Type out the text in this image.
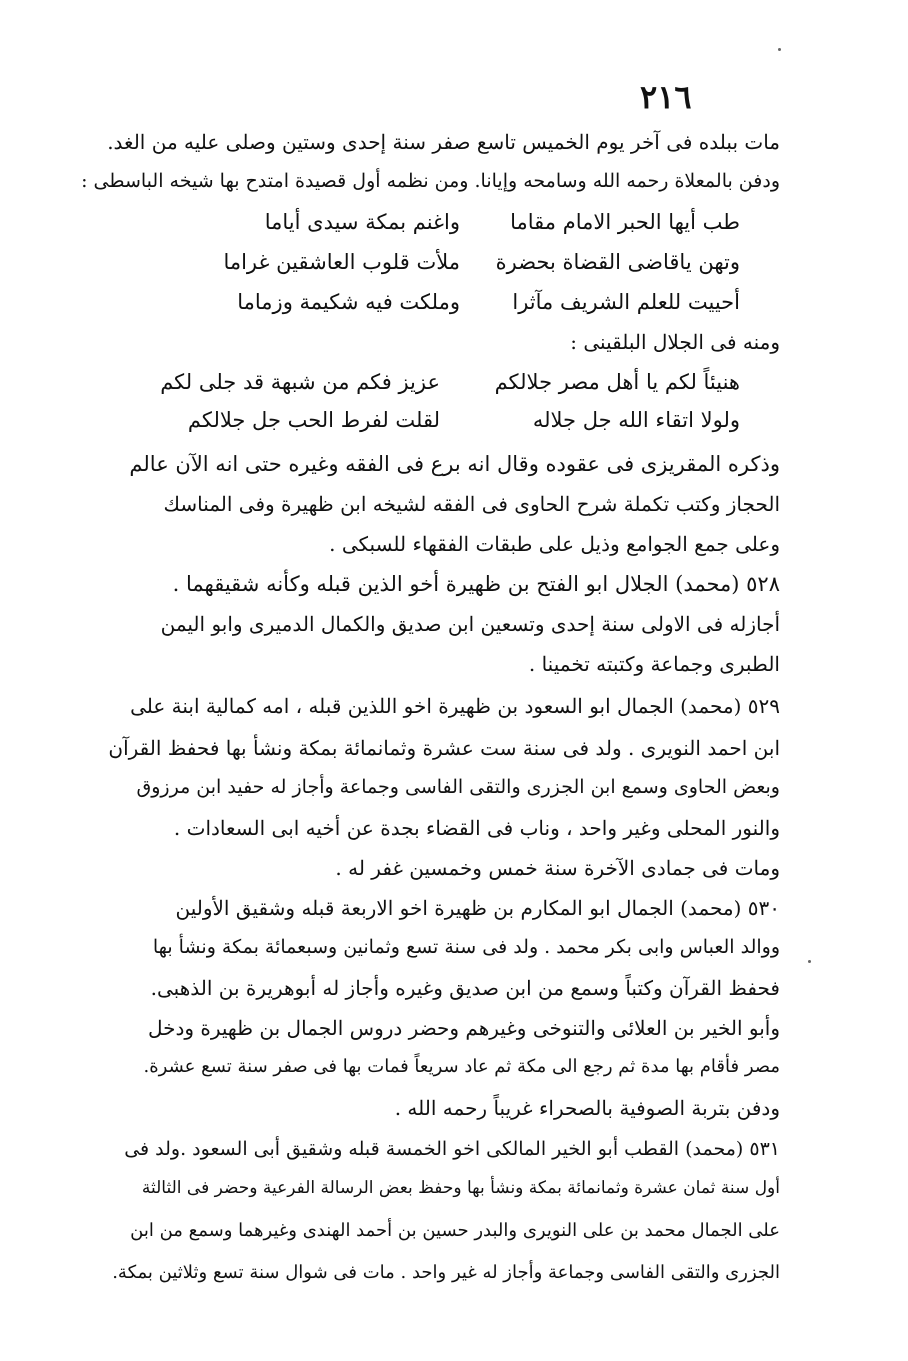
٢١٦
مات ببلده فى آخر يوم الخميس تاسع صفر سنة إحدى وستين وصلى عليه من الغد.
ودفن بالمعلاة رحمه الله وسامحه وإيانا. ومن نظمه أول قصيدة امتدح بها شيخه الباسطى :
طب أيها الحبر الامام مقاما
واغنم بمكة سيدى أياما
وتهن ياقاضى القضاة بحضرة
ملأت قلوب العاشقين غراما
أحييت للعلم الشريف مآثرا
وملكت فيه شكيمة وزماما
ومنه فى الجلال البلقينى :
هنيئاً لكم يا أهل مصر جلالكم
عزيز فكم من شبهة قد جلى لكم
ولولا اتقاء الله جل جلاله
لقلت لفرط الحب جل جلالكم
وذكره المقريزى فى عقوده وقال انه برع فى الفقه وغيره حتى انه الآن عالم
الحجاز وكتب تكملة شرح الحاوى فى الفقه لشيخه ابن ظهيرة وفى المناسك
وعلى جمع الجوامع وذيل على طبقات الفقهاء للسبكى .
٥٢٨ (محمد) الجلال ابو الفتح بن ظهيرة أخو الذين قبله وكأنه شقيقهما .
أجازله فى الاولى سنة إحدى وتسعين ابن صديق والكمال الدميرى وابو اليمن
الطبرى وجماعة وكتبته تخمينا .
٥٢٩ (محمد) الجمال ابو السعود بن ظهيرة اخو اللذين قبله ، امه كمالية ابنة على
ابن احمد النويرى . ولد فى سنة ست عشرة وثمانمائة بمكة ونشأ بها فحفظ القرآن
وبعض الحاوى وسمع ابن الجزرى والتقى الفاسى وجماعة وأجاز له حفيد ابن مرزوق
والنور المحلى وغير واحد ، وناب فى القضاء بجدة عن أخيه ابى السعادات .
ومات فى جمادى الآخرة سنة خمس وخمسين غفر له .
٥٣٠ (محمد) الجمال ابو المكارم بن ظهيرة اخو الاربعة قبله وشقيق الأولين
ووالد العباس وابى بكر محمد . ولد فى سنة تسع وثمانين وسبعمائة بمكة ونشأ بها
فحفظ القرآن وكتباً وسمع من ابن صديق وغيره وأجاز له أبوهريرة بن الذهبى.
وأبو الخير بن العلائى والتنوخى وغيرهم وحضر دروس الجمال بن ظهيرة ودخل
مصر فأقام بها مدة ثم رجع الى مكة ثم عاد سريعاً فمات بها فى صفر سنة تسع عشرة.
ودفن بتربة الصوفية بالصحراء غريباً رحمه الله .
٥٣١ (محمد) القطب أبو الخير المالكى اخو الخمسة قبله وشقيق أبى السعود .ولد فى
أول سنة ثمان عشرة وثمانمائة بمكة ونشأ بها وحفظ بعض الرسالة الفرعية وحضر فى الثالثة
على الجمال محمد بن على النويرى والبدر حسين بن أحمد الهندى وغيرهما وسمع من ابن
الجزرى والتقى الفاسى وجماعة وأجاز له غير واحد . مات فى شوال سنة تسع وثلاثين بمكة.
